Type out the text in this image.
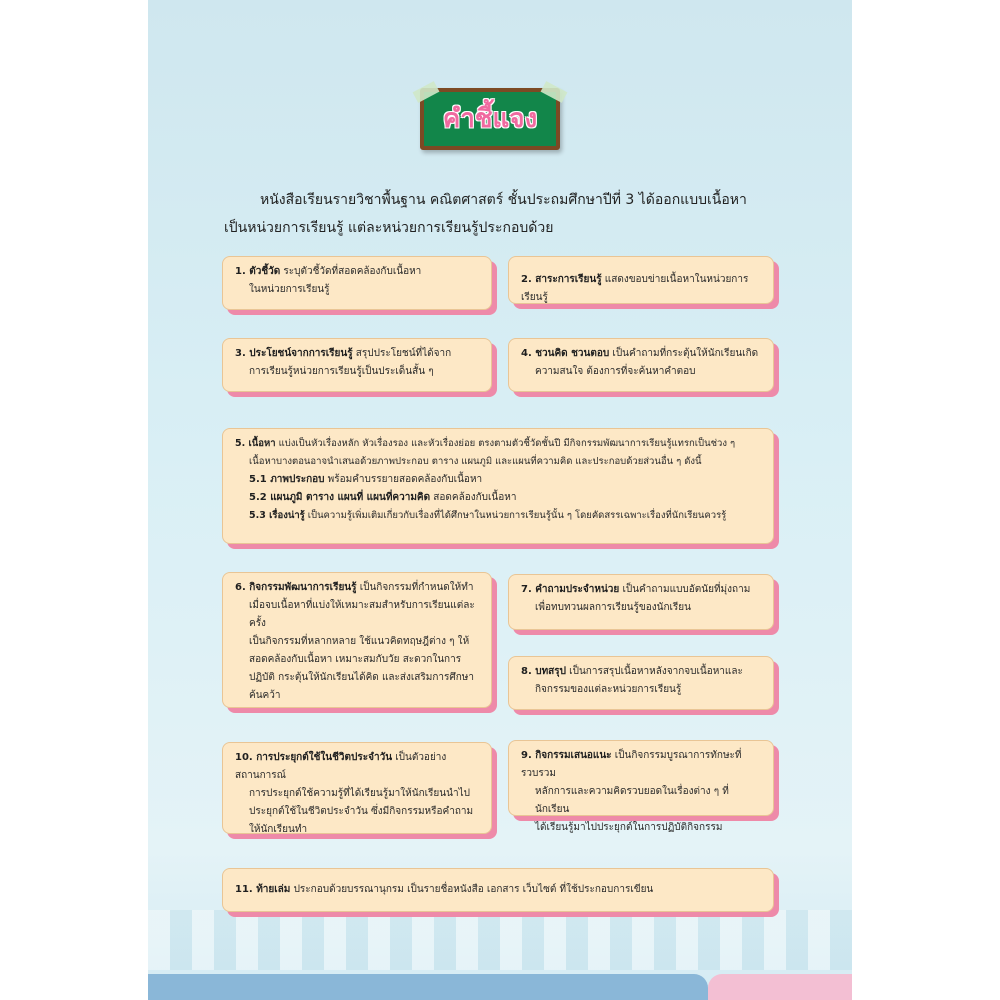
คำชี้แจง
หนังสือเรียนรายวิชาพื้นฐาน คณิตศาสตร์ ชั้นประถมศึกษาปีที่ 3 ได้ออกแบบเนื้อหา
เป็นหน่วยการเรียนรู้ แต่ละหน่วยการเรียนรู้ประกอบด้วย
1. ตัวชี้วัด ระบุตัวชี้วัดที่สอดคล้องกับเนื้อหา
ในหน่วยการเรียนรู้
2. สาระการเรียนรู้ แสดงขอบข่ายเนื้อหาในหน่วยการเรียนรู้
3. ประโยชน์จากการเรียนรู้ สรุปประโยชน์ที่ได้จาก
การเรียนรู้หน่วยการเรียนรู้เป็นประเด็นสั้น ๆ
4. ชวนคิด ชวนตอบ เป็นคำถามที่กระตุ้นให้นักเรียนเกิด
ความสนใจ ต้องการที่จะค้นหาคำตอบ
5. เนื้อหา แบ่งเป็นหัวเรื่องหลัก หัวเรื่องรอง และหัวเรื่องย่อย ตรงตามตัวชี้วัดชั้นปี มีกิจกรรมพัฒนาการเรียนรู้แทรกเป็นช่วง ๆ
เนื้อหาบางตอนอาจนำเสนอด้วยภาพประกอบ ตาราง แผนภูมิ และแผนที่ความคิด และประกอบด้วยส่วนอื่น ๆ ดังนี้
5.1 ภาพประกอบ พร้อมคำบรรยายสอดคล้องกับเนื้อหา
5.2 แผนภูมิ ตาราง แผนที่ แผนที่ความคิด สอดคล้องกับเนื้อหา
5.3 เรื่องน่ารู้ เป็นความรู้เพิ่มเติมเกี่ยวกับเรื่องที่ได้ศึกษาในหน่วยการเรียนรู้นั้น ๆ โดยคัดสรรเฉพาะเรื่องที่นักเรียนควรรู้
6. กิจกรรมพัฒนาการเรียนรู้ เป็นกิจกรรมที่กำหนดให้ทำ
เมื่อจบเนื้อหาที่แบ่งให้เหมาะสมสำหรับการเรียนแต่ละครั้ง
เป็นกิจกรรมที่หลากหลาย ใช้แนวคิดทฤษฎีต่าง ๆ ให้
สอดคล้องกับเนื้อหา เหมาะสมกับวัย สะดวกในการ
ปฏิบัติ กระตุ้นให้นักเรียนได้คิด และส่งเสริมการศึกษา
ค้นคว้า
7. คำถามประจำหน่วย เป็นคำถามแบบอัตนัยที่มุ่งถาม
เพื่อทบทวนผลการเรียนรู้ของนักเรียน
8. บทสรุป เป็นการสรุปเนื้อหาหลังจากจบเนื้อหาและ
กิจกรรมของแต่ละหน่วยการเรียนรู้
9. กิจกรรมเสนอแนะ เป็นกิจกรรมบูรณาการทักษะที่รวบรวม
หลักการและความคิดรวบยอดในเรื่องต่าง ๆ ที่นักเรียน
ได้เรียนรู้มาไปประยุกต์ในการปฏิบัติกิจกรรม
10. การประยุกต์ใช้ในชีวิตประจำวัน เป็นตัวอย่างสถานการณ์
การประยุกต์ใช้ความรู้ที่ได้เรียนรู้มาให้นักเรียนนำไป
ประยุกต์ใช้ในชีวิตประจำวัน ซึ่งมีกิจกรรมหรือคำถาม
ให้นักเรียนทำ
11. ท้ายเล่ม ประกอบด้วยบรรณานุกรม เป็นรายชื่อหนังสือ เอกสาร เว็บไซต์ ที่ใช้ประกอบการเขียน
